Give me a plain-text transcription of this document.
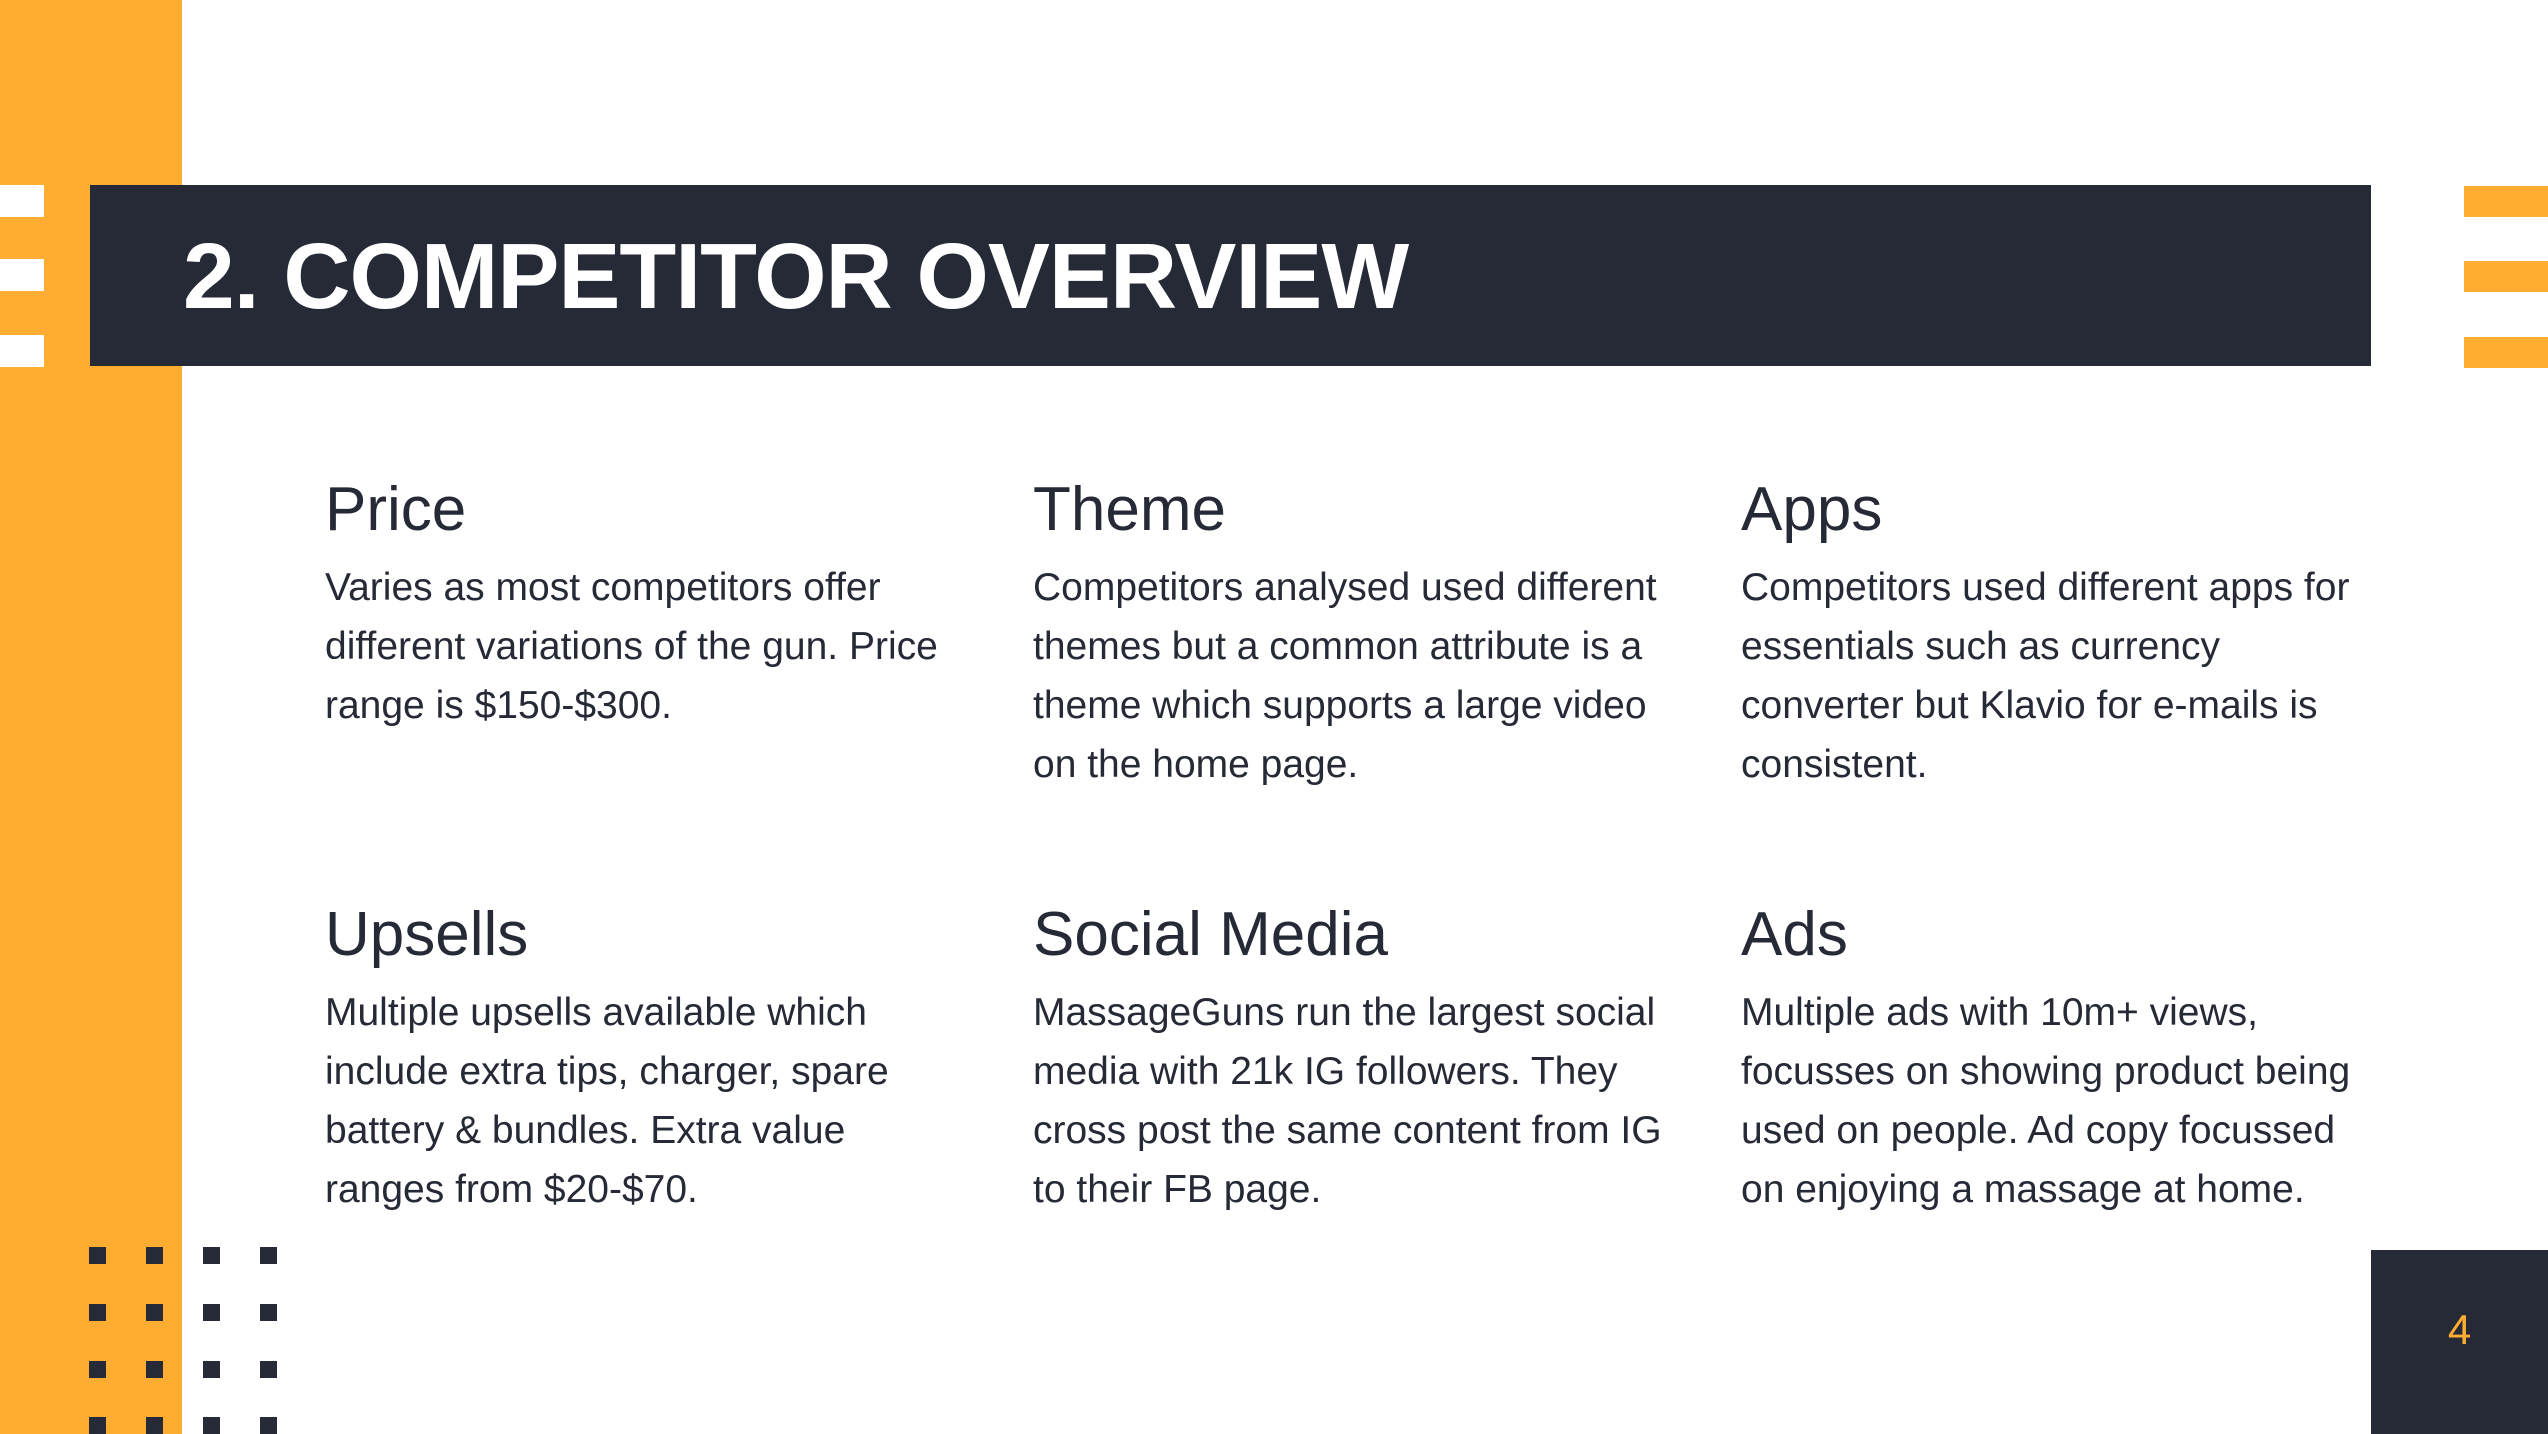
2. COMPETITOR OVERVIEW

Price

Varies as most competitors offer different variations of the gun. Price range is $150-$300.

Theme

Competitors analysed used different themes but a common attribute is a theme which supports a large video on the home page.

Apps

Competitors used different apps for essentials such as currency converter but Klavio for e-mails is consistent.

Upsells

Multiple upsells available which include extra tips, charger, spare battery & bundles. Extra value ranges from $20-$70.

Social Media

MassageGuns run the largest social media with 21k IG followers. They cross post the same content from IG to their FB page.

Ads

Multiple ads with 10m+ views, focusses on showing product being used on people. Ad copy focussed on enjoying a massage at home.

4
